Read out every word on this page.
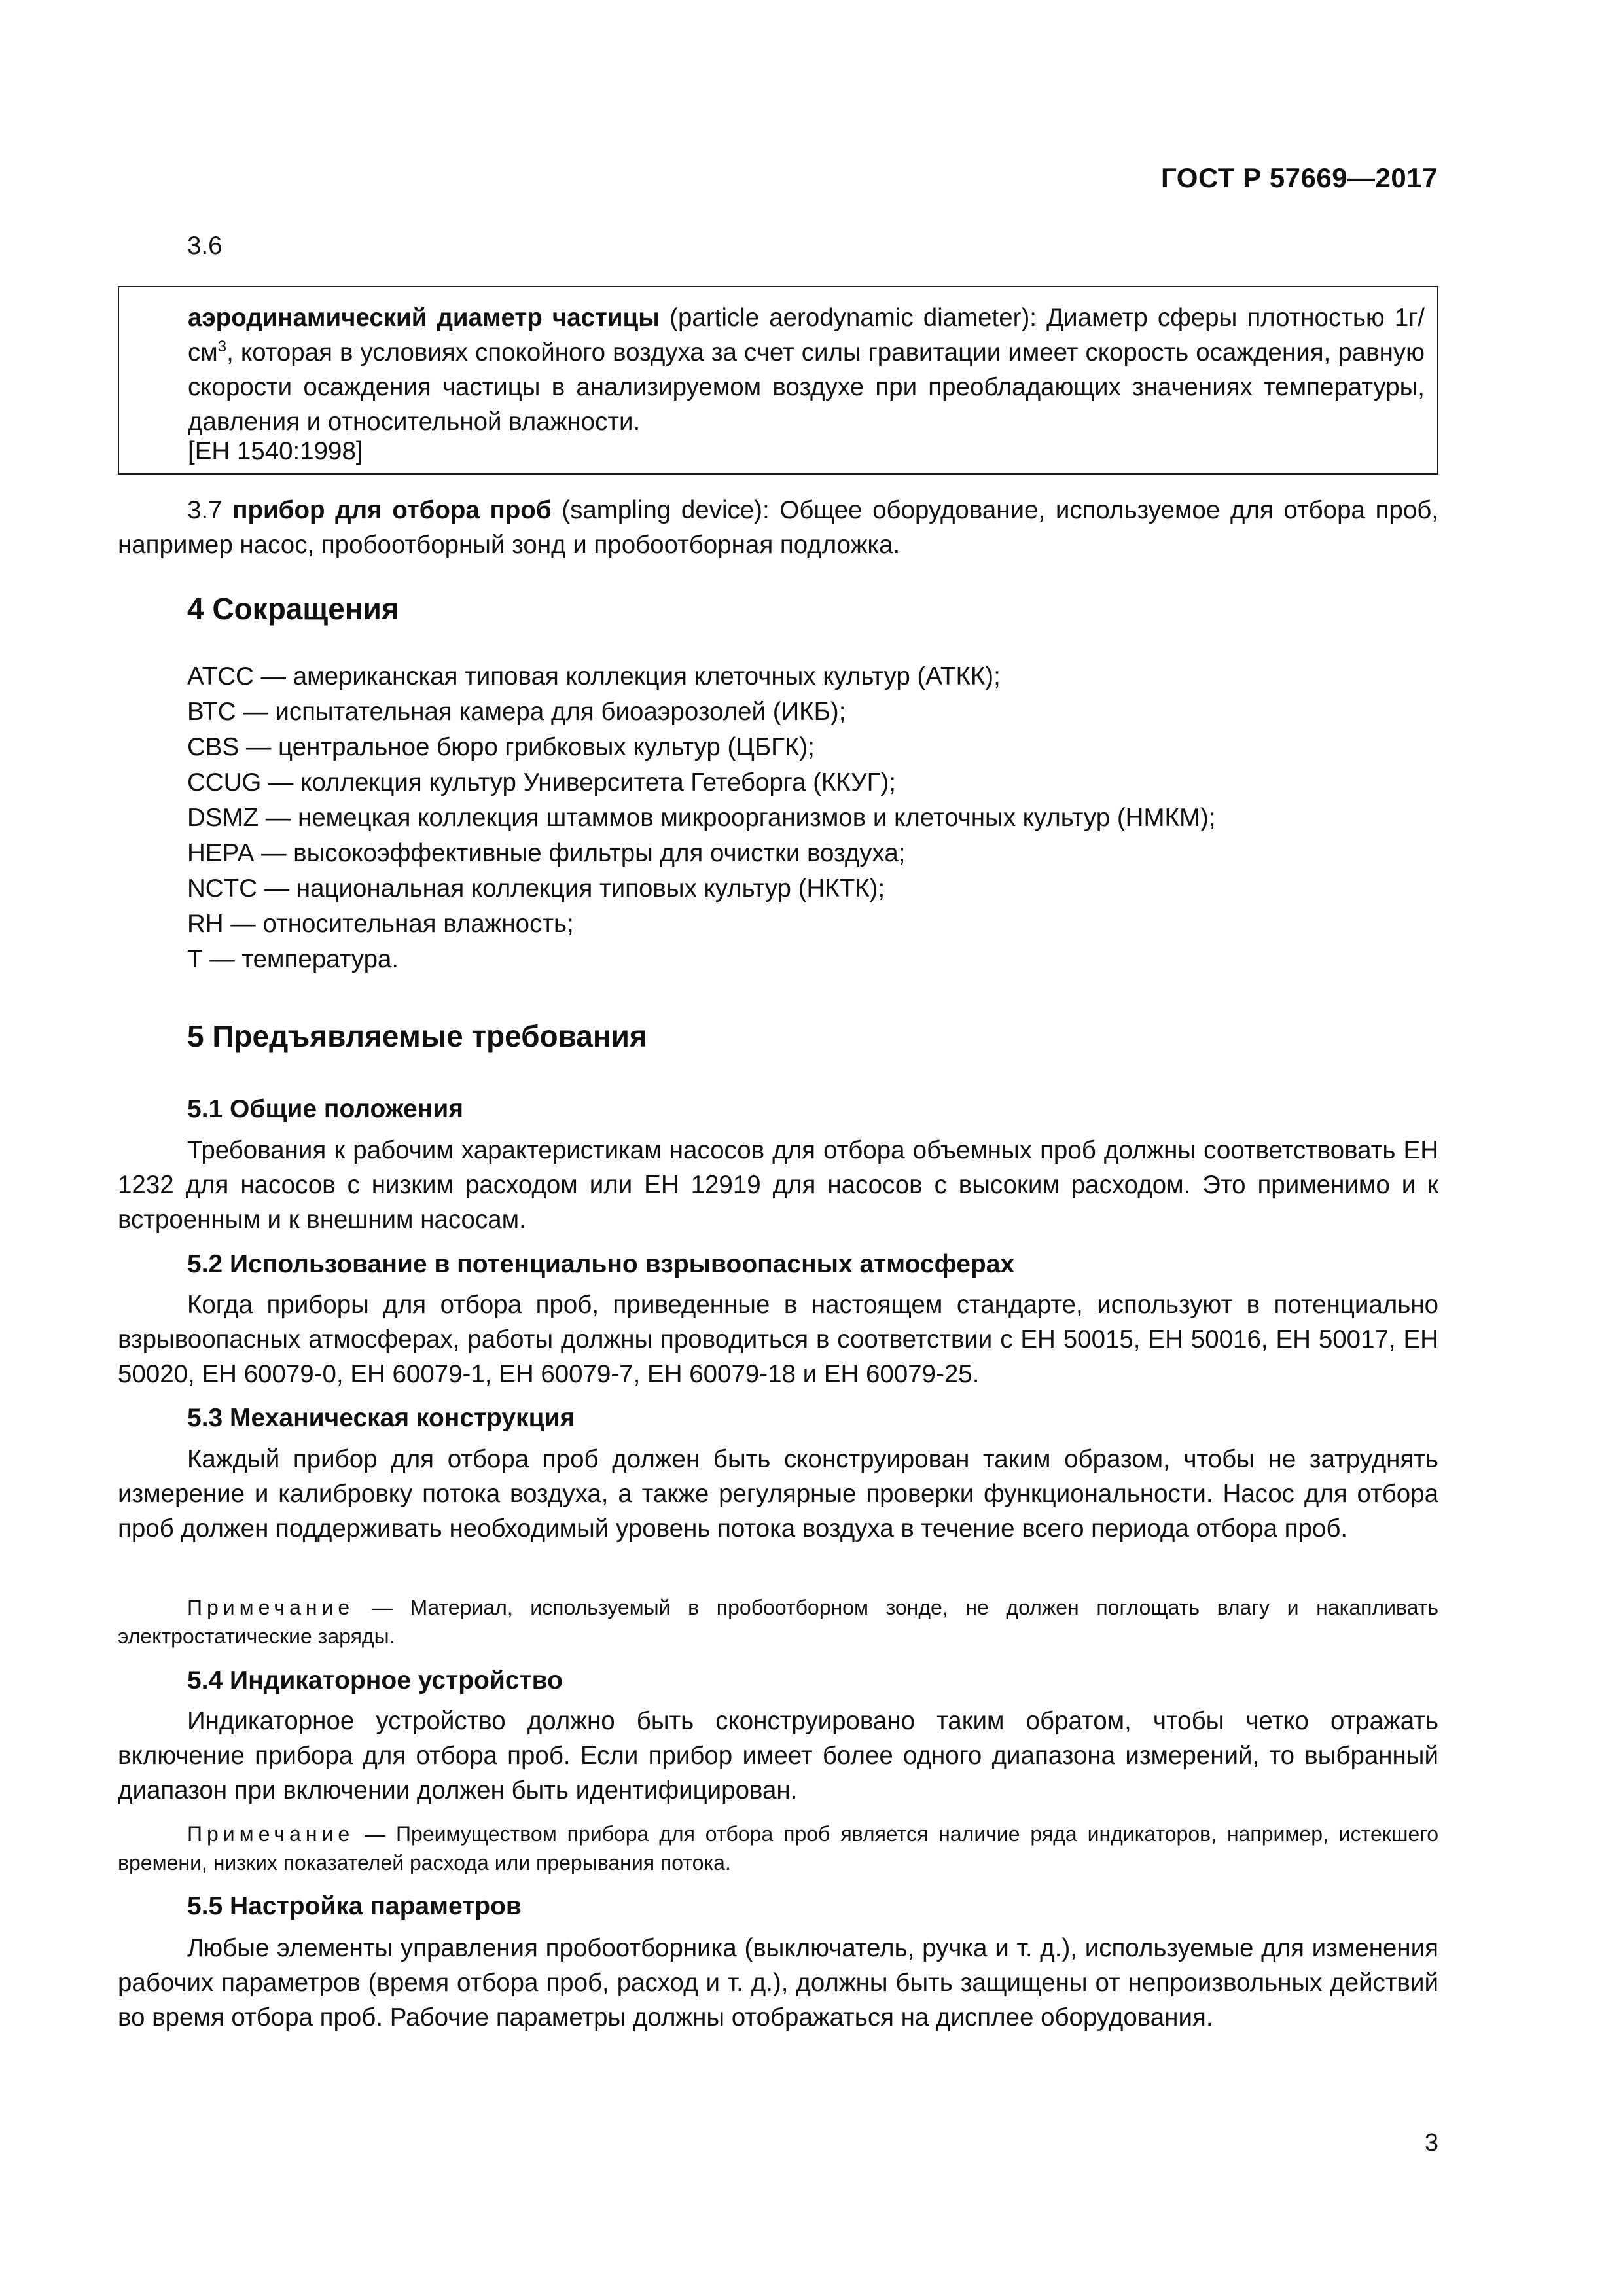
ГОСТ Р 57669—2017

3.6

аэродинамический диаметр частицы (particle aerodynamic diameter): Диаметр сферы плотностью $1г/см^3$, которая в условиях спокойного воздуха за счет силы гравитации имеет скорость осаждения, равную скорости осаждения частицы в анализируемом воздухе при преобладающих значениях температуры, давления и относительной влажности.

[ЕН 1540:1998]

3.7 прибор для отбора проб (sampling device): Общее оборудование, используемое для отбора проб, например насос, пробоотборный зонд и пробоотборная подложка.

4 Сокращения
АТСС — американская типовая коллекция клеточных культур (АТКК);
ВТС — испытательная камера для биоаэрозолей (ИКБ);
CBS — центральное бюро грибковых культур (ЦБГК);
CCUG — коллекция культур Университета Гетеборга (ККУГ);
DSMZ — немецкая коллекция штаммов микроорганизмов и клеточных культур (НМКМ);
НЕРА — высокоэффективные фильтры для очистки воздуха;
NCTC — национальная коллекция типовых культур (НКТК);
RH — относительная влажность;
Т — температура.
5 Предъявляемые требования
5.1 Общие положения

Требования к рабочим характеристикам насосов для отбора объемных проб должны соответствовать ЕН 1232 для насосов с низким расходом или ЕН 12919 для насосов с высоким расходом. Это применимо и к встроенным и к внешним насосам.

5.2 Использование в потенциально взрывоопасных атмосферах

Когда приборы для отбора проб, приведенные в настоящем стандарте, используют в потенциально взрывоопасных атмосферах, работы должны проводиться в соответствии с ЕН 50015, ЕН 50016, ЕН 50017, ЕН 50020, ЕН 60079-0, ЕН 60079-1, ЕН 60079-7, ЕН 60079-18 и ЕН 60079-25.

5.3 Механическая конструкция

Каждый прибор для отбора проб должен быть сконструирован таким образом, чтобы не затруднять измерение и калибровку потока воздуха, а также регулярные проверки функциональности. Насос для отбора проб должен поддерживать необходимый уровень потока воздуха в течение всего периода отбора проб.

Примечание — Материал, используемый в пробоотборном зонде, не должен поглощать влагу и накапливать электростатические заряды.

5.4 Индикаторное устройство

Индикаторное устройство должно быть сконструировано таким обратом, чтобы четко отражать включение прибора для отбора проб. Если прибор имеет более одного диапазона измерений, то выбранный диапазон при включении должен быть идентифицирован.

Примечание — Преимуществом прибора для отбора проб является наличие ряда индикаторов, например, истекшего времени, низких показателей расхода или прерывания потока.

5.5 Настройка параметров

Любые элементы управления пробоотборника (выключатель, ручка и т. д.), используемые для изменения рабочих параметров (время отбора проб, расход и т. д.), должны быть защищены от непроизвольных действий во время отбора проб. Рабочие параметры должны отображаться на дисплее оборудования.

3
